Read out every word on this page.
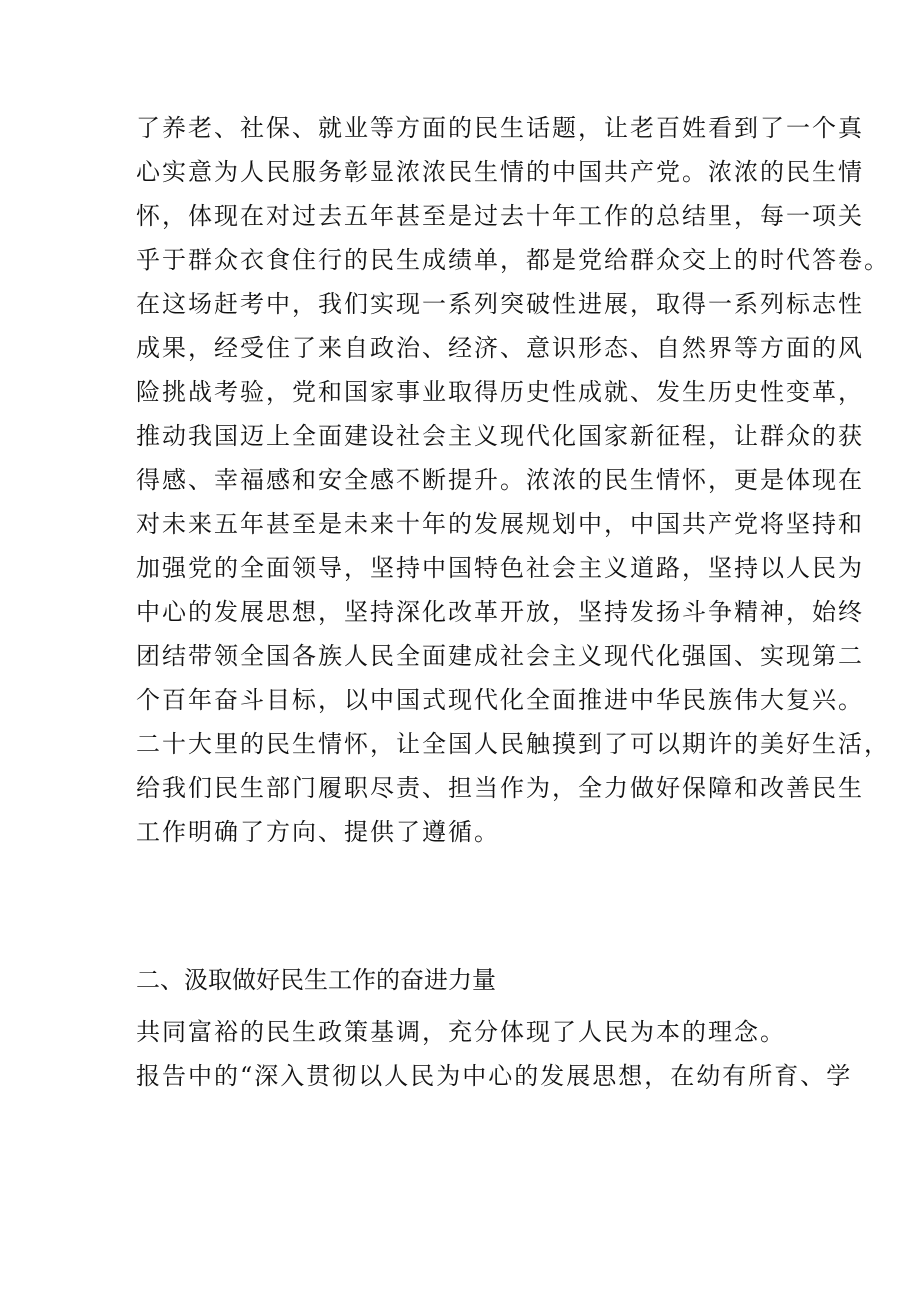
了养老、社保、就业等方面的民生话题，让老百姓看到了一个真
心实意为人民服务彰显浓浓民生情的中国共产党。浓浓的民生情
怀，体现在对过去五年甚至是过去十年工作的总结里，每一项关
乎于群众衣食住行的民生成绩单，都是党给群众交上的时代答卷。
在这场赶考中，我们实现一系列突破性进展，取得一系列标志性
成果，经受住了来自政治、经济、意识形态、自然界等方面的风
险挑战考验，党和国家事业取得历史性成就、发生历史性变革，
推动我国迈上全面建设社会主义现代化国家新征程，让群众的获
得感、幸福感和安全感不断提升。浓浓的民生情怀，更是体现在
对未来五年甚至是未来十年的发展规划中，中国共产党将坚持和
加强党的全面领导，坚持中国特色社会主义道路，坚持以人民为
中心的发展思想，坚持深化改革开放，坚持发扬斗争精神，始终
团结带领全国各族人民全面建成社会主义现代化强国、实现第二
个百年奋斗目标，以中国式现代化全面推进中华民族伟大复兴。
二十大里的民生情怀，让全国人民触摸到了可以期许的美好生活，
给我们民生部门履职尽责、担当作为，全力做好保障和改善民生
工作明确了方向、提供了遵循。
二、汲取做好民生工作的奋进力量
共同富裕的民生政策基调，充分体现了人民为本的理念。
报告中的“深入贯彻以人民为中心的发展思想，在幼有所育、学
